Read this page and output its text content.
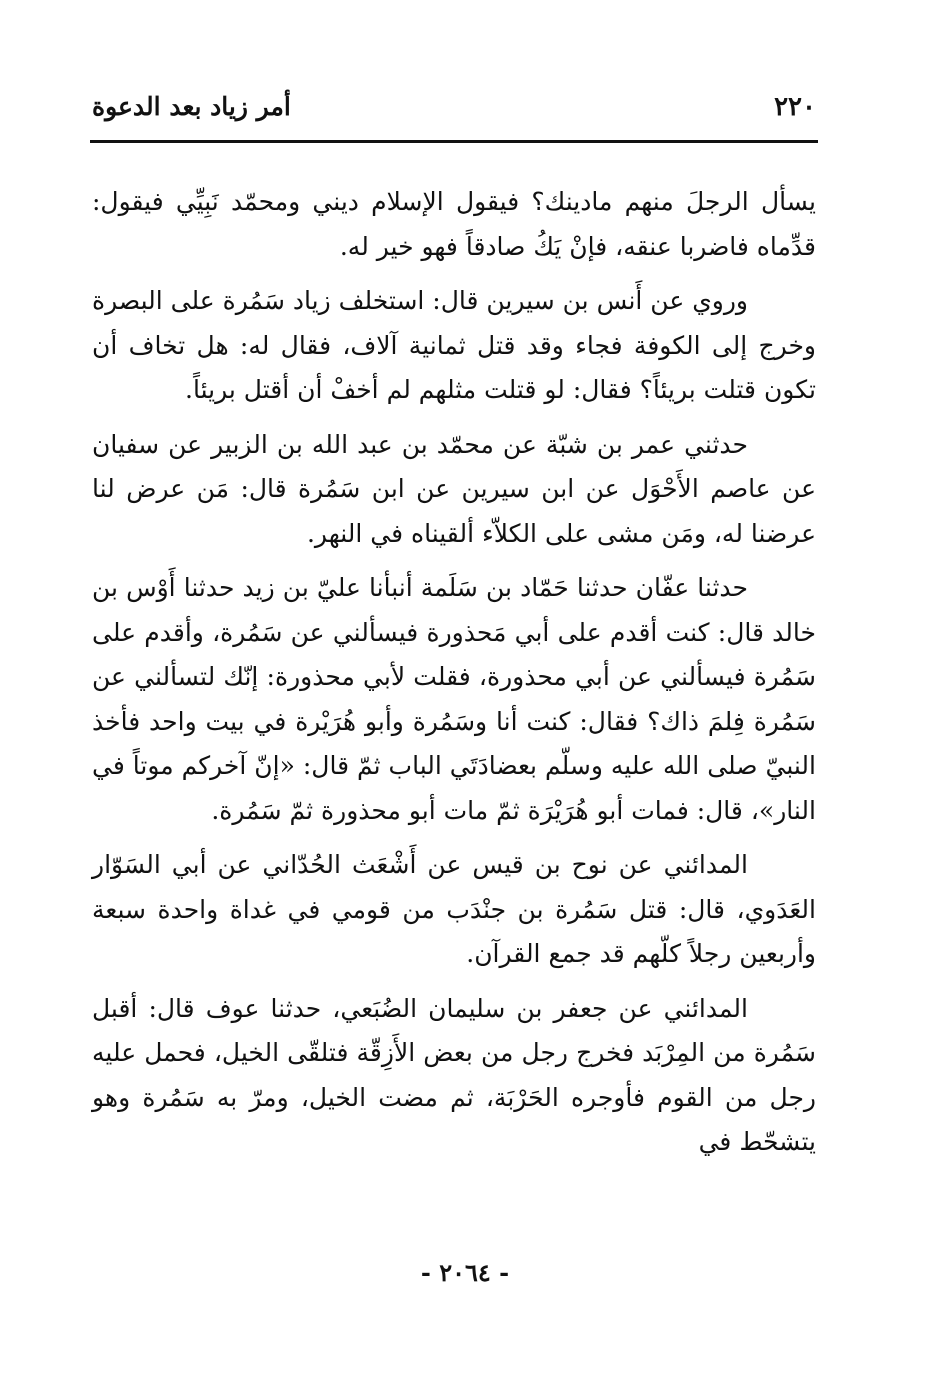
٢٢٠
أمر زياد بعد الدعوة

يسأل الرجلَ منهم مادينك؟ فيقول الإسلام ديني ومحمّد نَبِيِّي فيقول: قدِّماه فاضربا عنقه، فإنْ يَكُ صادقاً فهو خير له.

وروي عن أَنس بن سيرين قال: استخلف زياد سَمُرة على البصرة وخرج إلى الكوفة فجاء وقد قتل ثمانية آلاف، فقال له: هل تخاف أن تكون قتلت بريئاً؟ فقال: لو قتلت مثلهم لم أخفْ أن أقتل بريئاً.

حدثني عمر بن شبّة عن محمّد بن عبد الله بن الزبير عن سفيان عن عاصم الأَحْوَل عن ابن سيرين عن ابن سَمُرة قال: مَن عرض لنا عرضنا له، ومَن مشى على الكلاّء ألقيناه في النهر.

حدثنا عفّان حدثنا حَمّاد بن سَلَمة أنبأنا عليّ بن زيد حدثنا أَوْس بن خالد قال: كنت أقدم على أبي مَحذورة فيسألني عن سَمُرة، وأقدم على سَمُرة فيسألني عن أبي محذورة، فقلت لأبي محذورة: إنّك لتسألني عن سَمُرة فِلمَ ذاك؟ فقال: كنت أنا وسَمُرة وأبو هُرَيْرة في بيت واحد فأخذ النبيّ صلى الله عليه وسلّم بعضادَتَي الباب ثمّ قال: «إنّ آخركم موتاً في النار»، قال: فمات أبو هُرَيْرَة ثمّ مات أبو محذورة ثمّ سَمُرة.

المدائني عن نوح بن قيس عن أَشْعَث الحُدّاني عن أبي السَوّار العَدَوي، قال: قتل سَمُرة بن جنْدَب من قومي في غداة واحدة سبعة وأربعين رجلاً كلّهم قد جمع القرآن.

المدائني عن جعفر بن سليمان الضُبَعي، حدثنا عوف قال: أقبل سَمُرة من المِرْبَد فخرج رجل من بعض الأَزِقّة فتلقّى الخيل، فحمل عليه رجل من القوم فأوجره الحَرْبَة، ثم مضت الخيل، ومرّ به سَمُرة وهو يتشحّط في

- ٢٠٦٤ -
